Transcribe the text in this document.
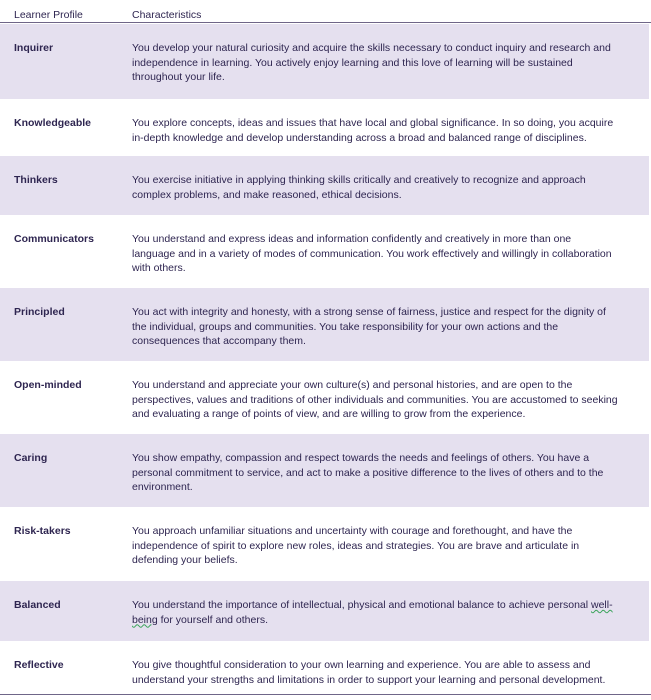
Learner Profile	Characteristics
Inquirer	You develop your natural curiosity and acquire the skills necessary to conduct inquiry and research and
independence in learning. You actively enjoy learning and this love of learning will be sustained
throughout your life.
Knowledgeable	You explore concepts, ideas and issues that have local and global significance. In so doing, you acquire
in-depth knowledge and develop understanding across a broad and balanced range of disciplines.
Thinkers	You exercise initiative in applying thinking skills critically and creatively to recognize and approach
complex problems, and make reasoned, ethical decisions.
Communicators	You understand and express ideas and information confidently and creatively in more than one
language and in a variety of modes of communication. You work effectively and willingly in collaboration
with others.
Principled	You act with integrity and honesty, with a strong sense of fairness, justice and respect for the dignity of
the individual, groups and communities. You take responsibility for your own actions and the
consequences that accompany them.
Open-minded	You understand and appreciate your own culture(s) and personal histories, and are open to the
perspectives, values and traditions of other individuals and communities. You are accustomed to seeking
and evaluating a range of points of view, and are willing to grow from the experience.
Caring	You show empathy, compassion and respect towards the needs and feelings of others. You have a
personal commitment to service, and act to make a positive difference to the lives of others and to the
environment.
Risk-takers	You approach unfamiliar situations and uncertainty with courage and forethought, and have the
independence of spirit to explore new roles, ideas and strategies. You are brave and articulate in
defending your beliefs.
Balanced	You understand the importance of intellectual, physical and emotional balance to achieve personal well-
being for yourself and others.
Reflective	You give thoughtful consideration to your own learning and experience. You are able to assess and
understand your strengths and limitations in order to support your learning and personal development.
